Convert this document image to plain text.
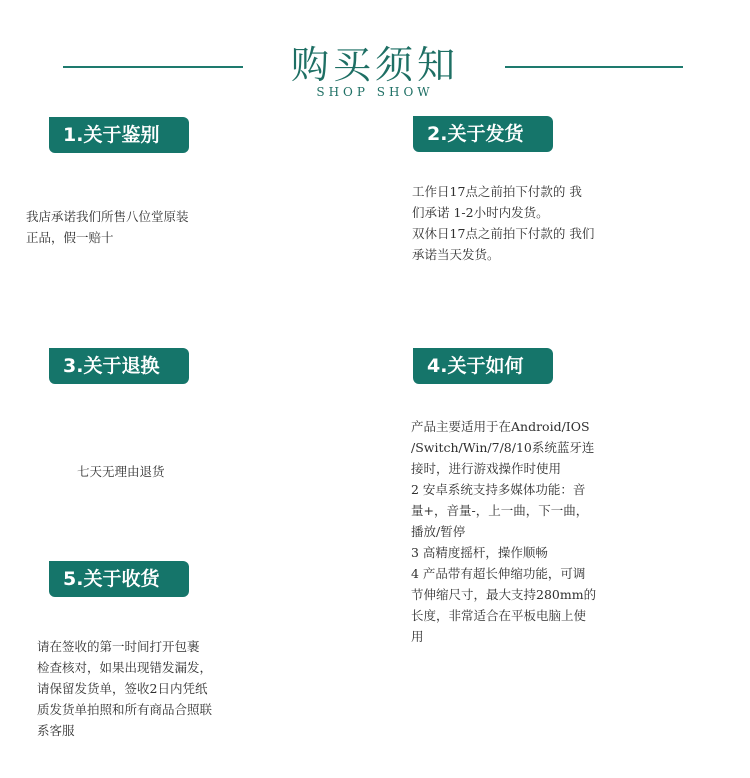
购买须知
SHOP SHOW
1.关于鉴别
我店承诺我们所售八位堂原装
正品，假一赔十
2.关于发货
工作日17点之前拍下付款的 我
们承诺 1-2小时内发货。
双休日17点之前拍下付款的 我们
承诺当天发货。
3.关于退换
七天无理由退货
4.关于如何选
产品主要适用于在Android/IOS
/Switch/Win/7/8/10系统蓝牙连
接时，进行游戏操作时使用
2 安卓系统支持多媒体功能：音
量+，音量-，上一曲，下一曲，
播放/暂停
3 高精度摇杆，操作顺畅
4 产品带有超长伸缩功能，可调
节伸缩尺寸，最大支持280mm的
长度，非常适合在平板电脑上使
用
5.关于收货
请在签收的第一时间打开包裹
检查核对，如果出现错发漏发，
请保留发货单，签收2日内凭纸
质发货单拍照和所有商品合照联
系客服
